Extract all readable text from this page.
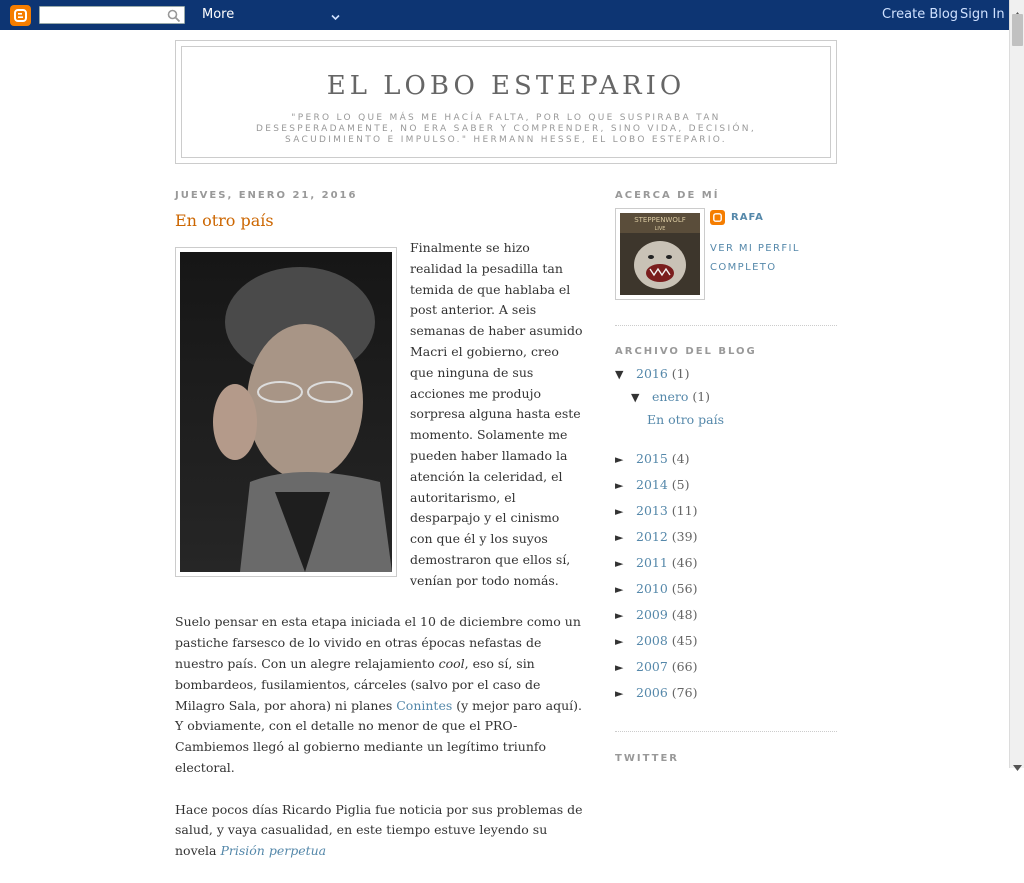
More	Create Blog Sign In
EL LOBO ESTEPARIO
"PERO LO QUE MÁS ME HACÍA FALTA, POR LO QUE SUSPIRABA TAN DESESPERADAMENTE, NO ERA SABER Y COMPRENDER, SINO VIDA, DECISIÓN, SACUDIMIENTO E IMPULSO." HERMANN HESSE, EL LOBO ESTEPARIO.
JUEVES, ENERO 21, 2016
En otro país

Finalmente se hizo realidad la pesadilla tan temida de que hablaba el post anterior. A seis semanas de haber asumido Macri el gobierno, creo que ninguna de sus acciones me produjo sorpresa alguna hasta este momento. Solamente me pueden haber llamado la atención la celeridad, el autoritarismo, el desparpajo y el cinismo con que él y los suyos demostraron que ellos sí, venían por todo nomás.

Suelo pensar en esta etapa iniciada el 10 de diciembre como un pastiche farsesco de lo vivido en otras épocas nefastas de nuestro país. Con un alegre relajamiento cool, eso sí, sin bombardeos, fusilamientos, cárceles (salvo por el caso de Milagro Sala, por ahora) ni planes Conintes (y mejor paro aquí). Y obviamente, con el detalle no menor de que el PRO-Cambiemos llegó al gobierno mediante un legítimo triunfo electoral.

Hace pocos días Ricardo Piglia fue noticia por sus problemas de salud, y vaya casualidad, en este tiempo estuve leyendo su novela Prisión perpetua

ACERCA DE MÍ
STEPPENWOLF
LIVE
RAFA
VER MI PERFIL COMPLETO
ARCHIVO DEL BLOG
▼ 2016 (1)
▼ enero (1)
En otro país
► 2015 (4)
► 2014 (5)
► 2013 (11)
► 2012 (39)
► 2011 (46)
► 2010 (56)
► 2009 (48)
► 2008 (45)
► 2007 (66)
► 2006 (76)
TWITTER
